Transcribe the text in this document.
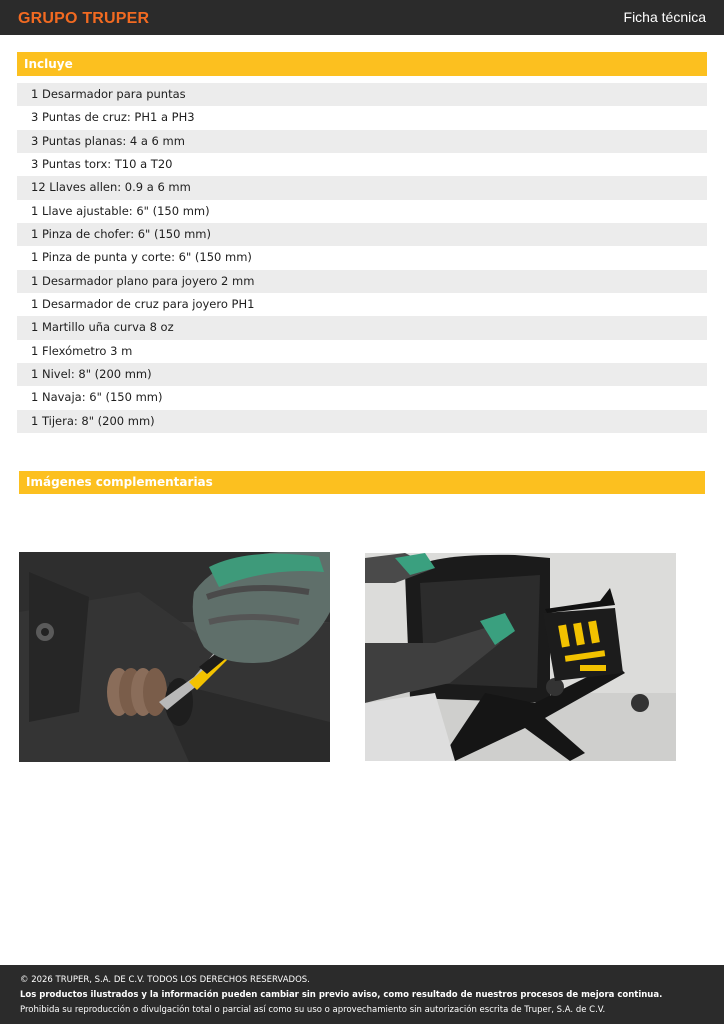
GRUPO TRUPER	Ficha técnica
Incluye
1 Desarmador para puntas
3 Puntas de cruz: PH1 a PH3
3 Puntas planas: 4 a 6 mm
3 Puntas torx: T10 a T20
12 Llaves allen: 0.9 a 6 mm
1 Llave ajustable: 6" (150 mm)
1 Pinza de chofer: 6" (150 mm)
1 Pinza de punta y corte: 6" (150 mm)
1 Desarmador plano para joyero 2 mm
1 Desarmador de cruz para joyero PH1
1 Martillo uña curva 8 oz
1 Flexómetro 3 m
1 Nivel: 8" (200 mm)
1 Navaja: 6" (150 mm)
1 Tijera: 8" (200 mm)
Imágenes complementarias
© 2026 TRUPER, S.A. DE C.V. TODOS LOS DERECHOS RESERVADOS.
Los productos ilustrados y la información pueden cambiar sin previo aviso, como resultado de nuestros procesos de mejora continua.
Prohibida su reproducción o divulgación total o parcial así como su uso o aprovechamiento sin autorización escrita de Truper, S.A. de C.V.
